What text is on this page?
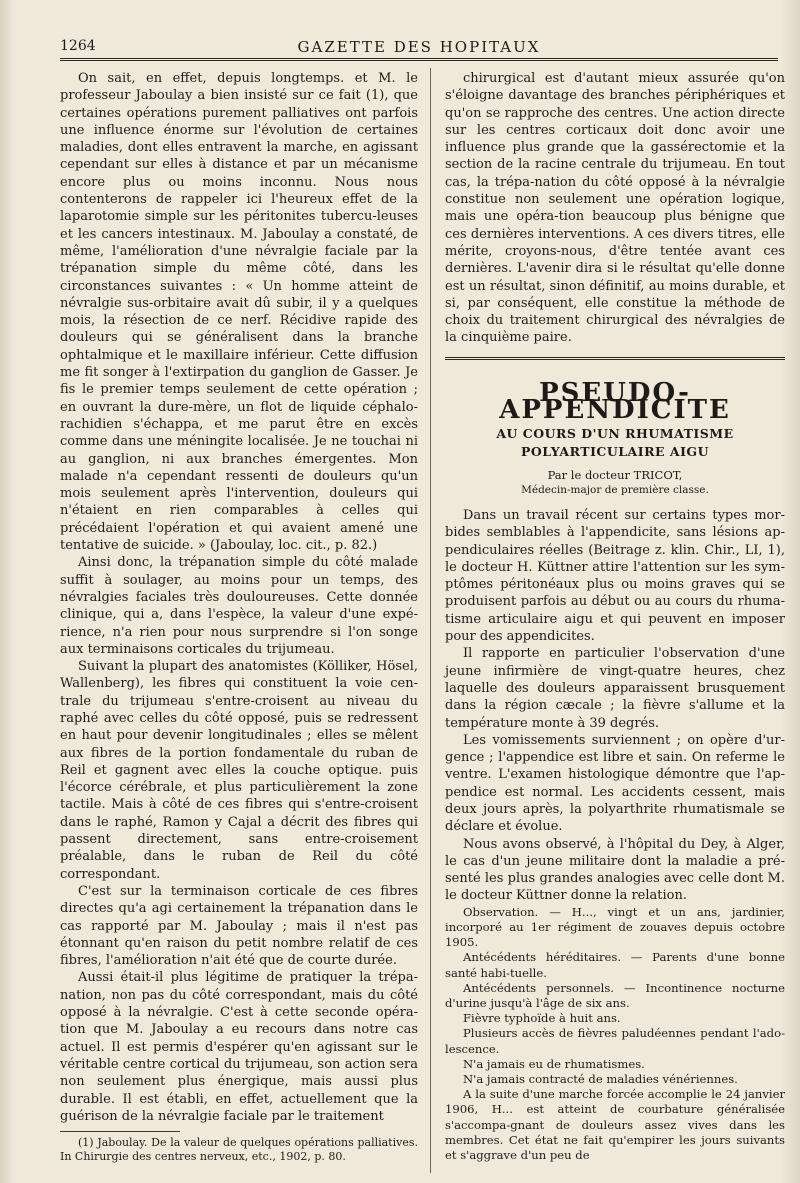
1264	GAZETTE DES HOPITAUX

On sait, en effet, depuis longtemps. et M. le professeur Jaboulay a bien insisté sur ce fait (1), que certaines opérations purement palliatives ont parfois une influence énorme sur l'évolution de certaines maladies, dont elles entravent la marche, en agissant cependant sur elles à distance et par un mécanisme encore plus ou moins inconnu. Nous nous contenterons de rappeler ici l'heureux effet de la laparotomie simple sur les péritonites tubercu-leuses et les cancers intestinaux. M. Jaboulay a constaté, de même, l'amélioration d'une névralgie faciale par la trépanation simple du même côté, dans les circonstances suivantes : « Un homme atteint de névralgie sus-orbitaire avait dû subir, il y a quelques mois, la résection de ce nerf. Récidive rapide des douleurs qui se généralisent dans la branche ophtalmique et le maxillaire inférieur. Cette diffusion me fit songer à l'extirpation du ganglion de Gasser. Je fis le premier temps seulement de cette opération ; en ouvrant la dure-mère, un flot de liquide céphalo-rachidien s'échappa, et me parut être en excès comme dans une méningite localisée. Je ne touchai ni au ganglion, ni aux branches émergentes. Mon malade n'a cependant ressenti de douleurs qu'un mois seulement après l'intervention, douleurs qui n'étaient en rien comparables à celles qui précédaient l'opération et qui avaient amené une tentative de suicide. » (Jaboulay, loc. cit., p. 82.)

Ainsi donc, la trépanation simple du côté malade suffit à soulager, au moins pour un temps, des névralgies faciales très douloureuses. Cette donnée clinique, qui a, dans l'espèce, la valeur d'une expé-rience, n'a rien pour nous surprendre si l'on songe aux terminaisons corticales du trijumeau.

Suivant la plupart des anatomistes (Kölliker, Hösel, Wallenberg), les fibres qui constituent la voie cen-trale du trijumeau s'entre-croisent au niveau du raphé avec celles du côté opposé, puis se redressent en haut pour devenir longitudinales ; elles se mêlent aux fibres de la portion fondamentale du ruban de Reil et gagnent avec elles la couche optique. puis l'écorce cérébrale, et plus particulièrement la zone tactile. Mais à côté de ces fibres qui s'entre-croisent dans le raphé, Ramon y Cajal a décrit des fibres qui passent directement, sans entre-croisement préalable, dans le ruban de Reil du côté correspondant.

C'est sur la terminaison corticale de ces fibres directes qu'a agi certainement la trépanation dans le cas rapporté par M. Jaboulay ; mais il n'est pas étonnant qu'en raison du petit nombre relatif de ces fibres, l'amélioration n'ait été que de courte durée.

Aussi était-il plus légitime de pratiquer la trépa-nation, non pas du côté correspondant, mais du côté opposé à la névralgie. C'est à cette seconde opéra-tion que M. Jaboulay a eu recours dans notre cas actuel. Il est permis d'espérer qu'en agissant sur le véritable centre cortical du trijumeau, son action sera non seulement plus énergique, mais aussi plus durable. Il est établi, en effet, actuellement que la guérison de la névralgie faciale par le traitement

(1) Jaboulay. De la valeur de quelques opérations palliatives. In Chirurgie des centres nerveux, etc., 1902, p. 80.

chirurgical est d'autant mieux assurée qu'on s'éloigne davantage des branches périphériques et qu'on se rapproche des centres. Une action directe sur les centres corticaux doit donc avoir une influence plus grande que la gassérectomie et la section de la racine centrale du trijumeau. En tout cas, la trépa-nation du côté opposé à la névralgie constitue non seulement une opération logique, mais une opéra-tion beaucoup plus bénigne que ces dernières interventions. A ces divers titres, elle mérite, croyons-nous, d'être tentée avant ces dernières. L'avenir dira si le résultat qu'elle donne est un résultat, sinon définitif, au moins durable, et si, par conséquent, elle constitue la méthode de choix du traitement chirurgical des névralgies de la cinquième paire.

PSEUDO-APPENDICITE
AU COURS D'UN RHUMATISME POLYARTICULAIRE AIGU
Par le docteur TRICOT,
Médecin-major de première classe.

Dans un travail récent sur certains types mor-bides semblables à l'appendicite, sans lésions ap-pendiculaires réelles (Beitrage z. klin. Chir., LI, 1), le docteur H. Küttner attire l'attention sur les sym-ptômes péritonéaux plus ou moins graves qui se produisent parfois au début ou au cours du rhuma-tisme articulaire aigu et qui peuvent en imposer pour des appendicites.

Il rapporte en particulier l'observation d'une jeune infirmière de vingt-quatre heures, chez laquelle des douleurs apparaissent brusquement dans la région cæcale ; la fièvre s'allume et la température monte à 39 degrés.

Les vomissements surviennent ; on opère d'ur-gence ; l'appendice est libre et sain. On referme le ventre. L'examen histologique démontre que l'ap-pendice est normal. Les accidents cessent, mais deux jours après, la polyarthrite rhumatismale se déclare et évolue.

Nous avons observé, à l'hôpital du Dey, à Alger, le cas d'un jeune militaire dont la maladie a pré-senté les plus grandes analogies avec celle dont M. le docteur Küttner donne la relation.

Observation. — H..., vingt et un ans, jardinier, incorporé au 1er régiment de zouaves depuis octobre 1905.

Antécédents héréditaires. — Parents d'une bonne santé habi-tuelle.

Antécédents personnels. — Incontinence nocturne d'urine jusqu'à l'âge de six ans.

Fièvre typhoïde à huit ans.

Plusieurs accès de fièvres paludéennes pendant l'ado-lescence.

N'a jamais eu de rhumatismes.

N'a jamais contracté de maladies vénériennes.

A la suite d'une marche forcée accomplie le 24 janvier 1906, H... est atteint de courbature généralisée s'accompa-gnant de douleurs assez vives dans les membres. Cet état ne fait qu'empirer les jours suivants et s'aggrave d'un peu de
